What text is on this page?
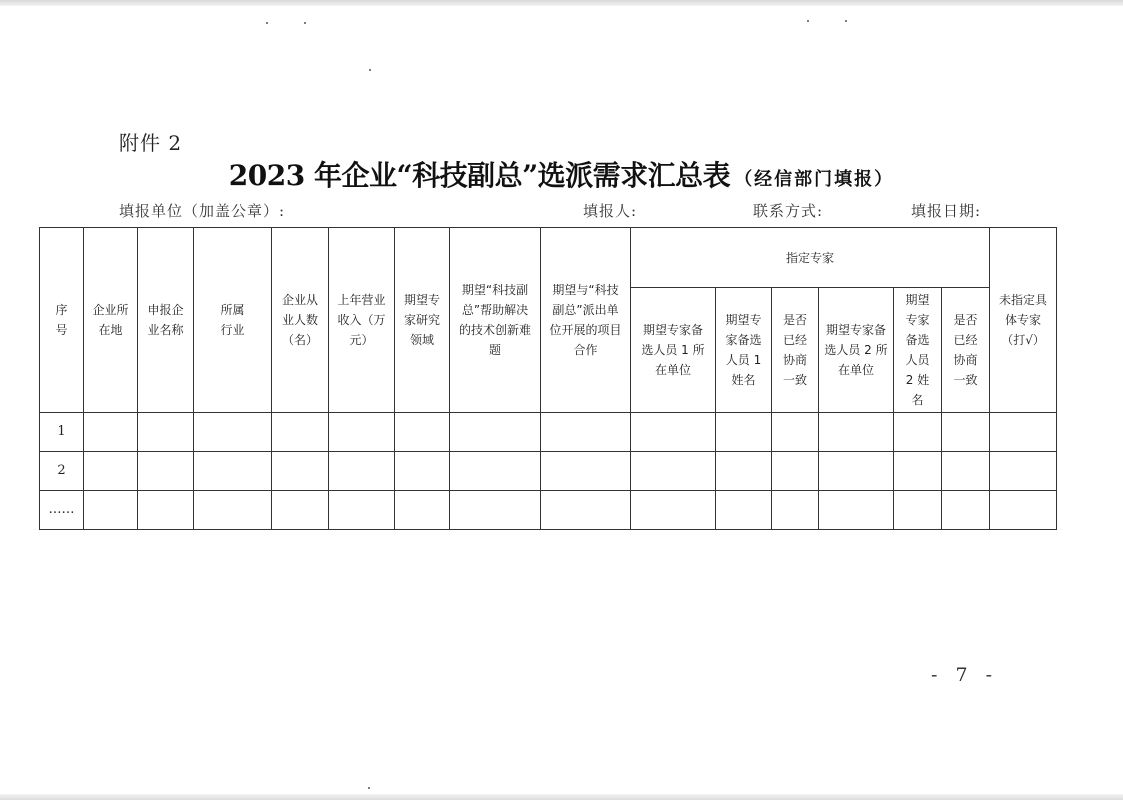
附件 2
2023 年企业“科技副总”选派需求汇总表 （经信部门填报）
填报单位（加盖公章）:	填报人:	联系方式:	填报日期:
序号	企业所在地	申报企业名称	所属行业	企业从业人数（名）	上年营业收入（万元）	期望专家研究领域	期望“科技副总”帮助解决的技术创新难题	期望与“科技副总”派出单位开展的项目合作	指定专家						未指定具体专家（打√）

									期望专家备选人员 1 所在单位	期望专家备选人员 1 姓名	是否已经协商一致	期望专家备选人员 2 所在单位	期望专家备选人员 2 姓名	是否已经协商一致	

1															
2															
……															
- 7 -
